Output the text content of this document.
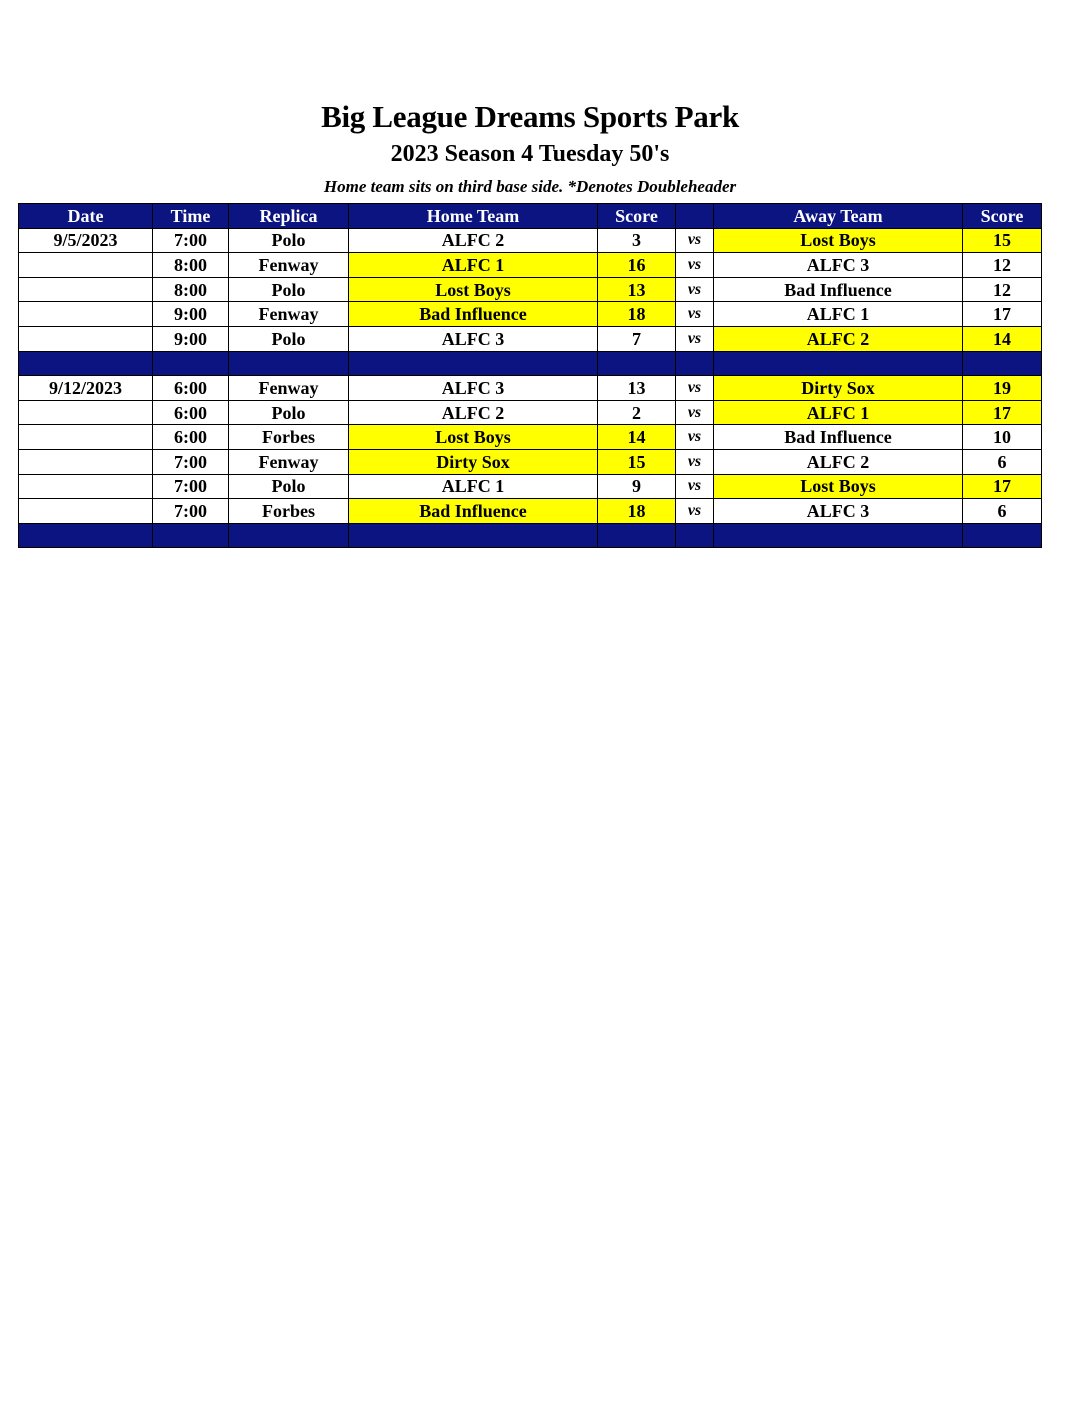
Big League Dreams Sports Park
2023 Season 4 Tuesday 50's
Home team sits on third base side. *Denotes Doubleheader
Date	Time	Replica	Home Team	Score		Away Team	Score
9/5/2023	7:00	Polo	ALFC 2	3	vs	Lost Boys	15
	8:00	Fenway	ALFC 1	16	vs	ALFC 3	12
	8:00	Polo	Lost Boys	13	vs	Bad Influence	12
	9:00	Fenway	Bad Influence	18	vs	ALFC 1	17
	9:00	Polo	ALFC 3	7	vs	ALFC 2	14

9/12/2023	6:00	Fenway	ALFC 3	13	vs	Dirty Sox	19
	6:00	Polo	ALFC 2	2	vs	ALFC 1	17
	6:00	Forbes	Lost Boys	14	vs	Bad Influence	10
	7:00	Fenway	Dirty Sox	15	vs	ALFC 2	6
	7:00	Polo	ALFC 1	9	vs	Lost Boys	17
	7:00	Forbes	Bad Influence	18	vs	ALFC 3	6
